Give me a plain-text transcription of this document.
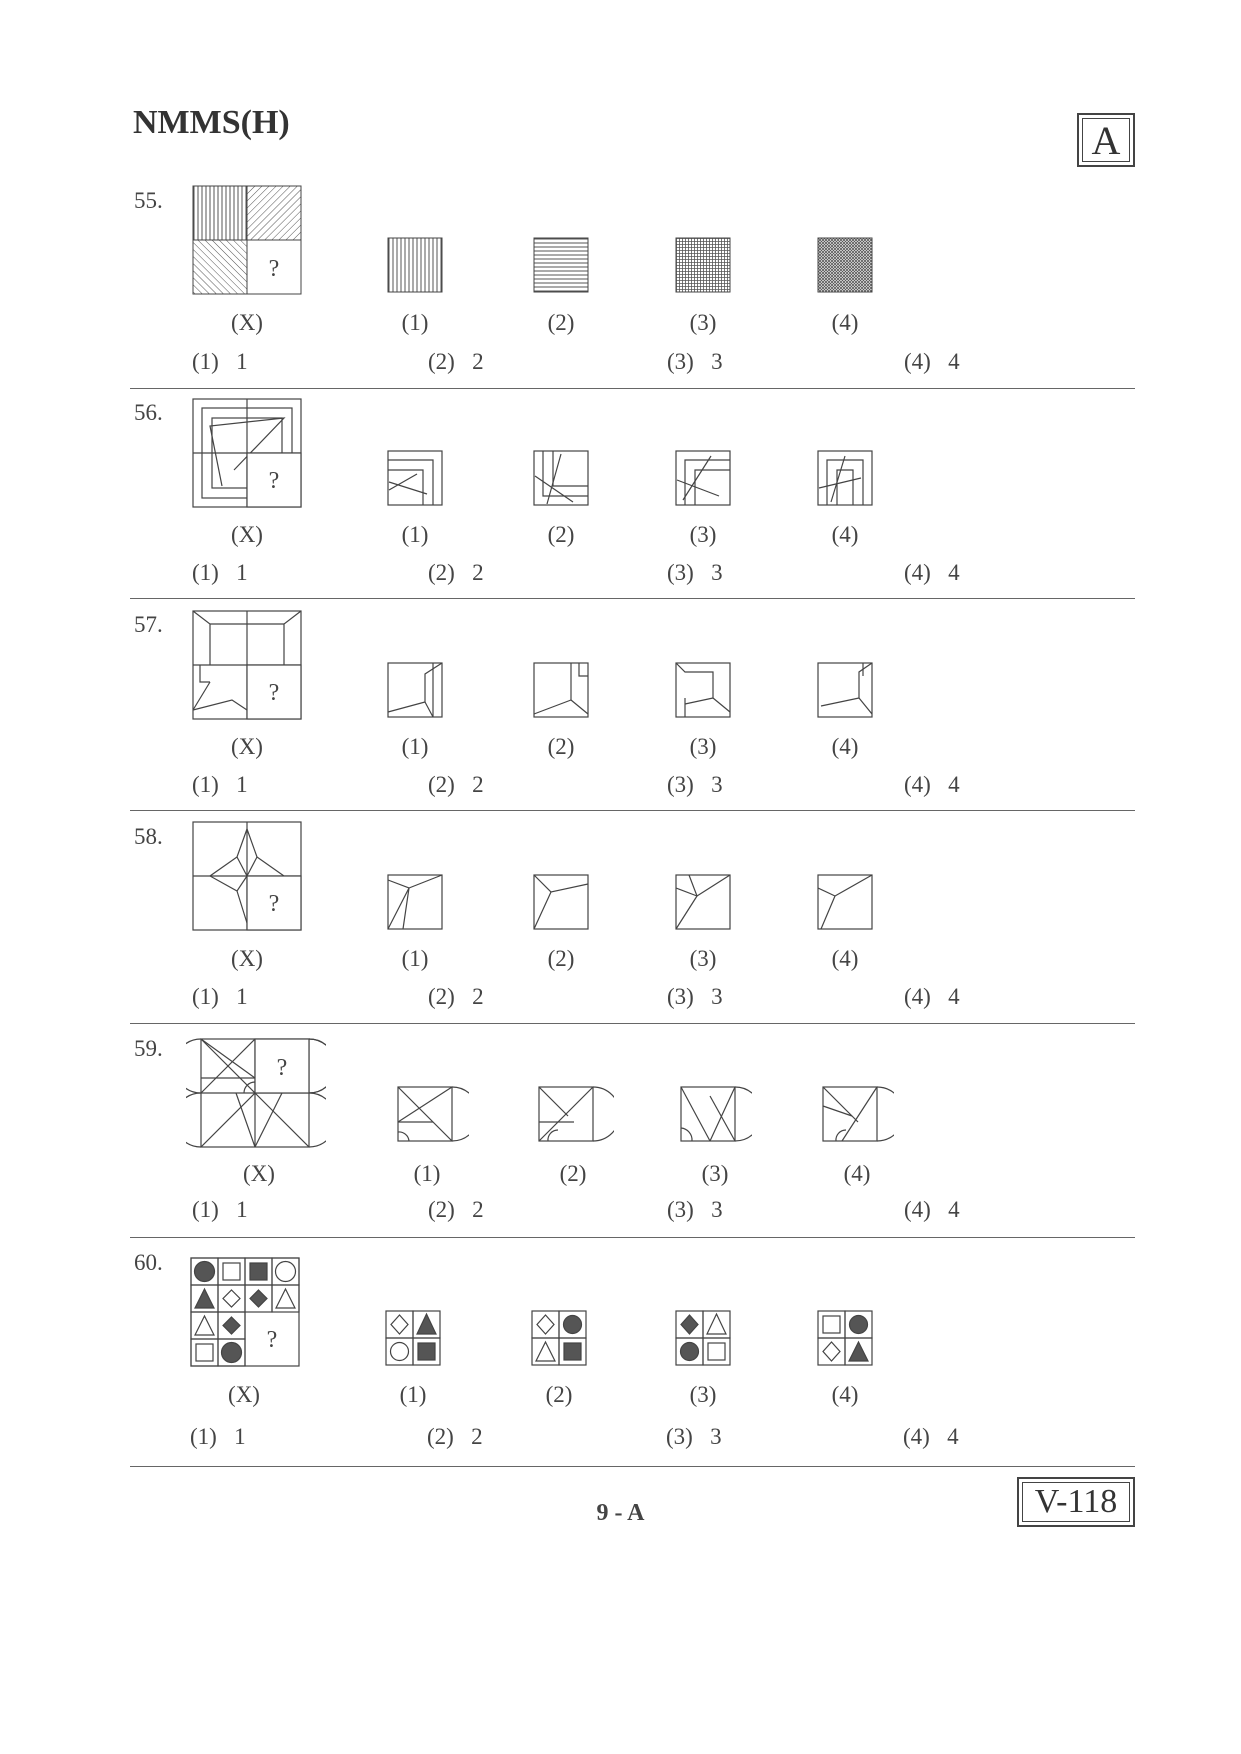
NMMS(H)	A
55.
?
(X)	(1)	(2)	(3)	(4)
(1)   1	(2)   2	(3)   3	(4)   4
56.
?
(X)	(1)	(2)	(3)	(4)
(1)   1	(2)   2	(3)   3	(4)   4
57.
?
(X)	(1)	(2)	(3)	(4)
(1)   1	(2)   2	(3)   3	(4)   4
58.
?
(X)	(1)	(2)	(3)	(4)
(1)   1	(2)   2	(3)   3	(4)   4
59.
?
(X)	(1)	(2)	(3)	(4)
(1)   1	(2)   2	(3)   3	(4)   4
60.
?
(X)	(1)	(2)	(3)	(4)
(1)   1	(2)   2	(3)   3	(4)   4
9 - A	V-118
